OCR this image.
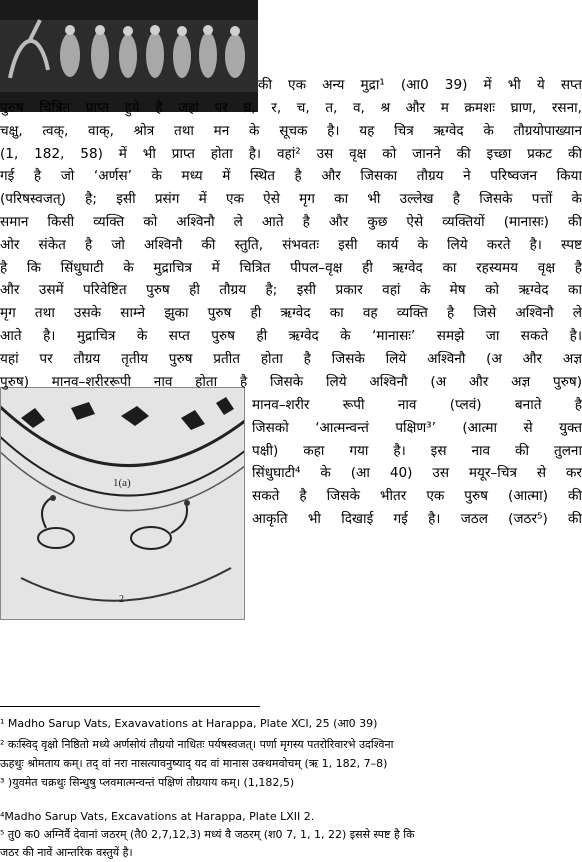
1(a)
2
की एक अन्य मुद्रा¹ (आ0 39) में भी ये सप्त
पुरुष चित्रित प्राप्त हुये है जहां पर घ्र, र, च, त, व, श्र और म क्रमशः घ्राण, रसना,
चक्षु, त्वक्, वाक्, श्रोत्र तथा मन के सूचक है। यह चित्र ऋग्वेद के तौग्रयोपाख्यान
(1, 182, 58) में भी प्राप्त होता है। वहां² उस वृक्ष को जानने की इच्छा प्रकट की
गई है जो ‘अर्णस’ के मध्य में स्थित है और जिसका तौग्रय ने परिष्वजन किया
(परिषस्वजत्) है; इसी प्रसंग में एक ऐसे मृग का भी उल्लेख है जिसके पत्तों के
समान किसी व्यक्ति को अश्विनौ ले आते है और कुछ ऐसे व्यक्तियों (मानासः) की
ओर संकेत है जो अश्विनौ की स्तुति, संभवतः इसी कार्य के लिये करते है। स्पष्ट
है कि सिंधुघाटी के मुद्राचित्र में चित्रित पीपल–वृक्ष ही ऋग्वेद का रहस्यमय वृक्ष है
और उसमें परिवेष्टित पुरुष ही तौग्रय है; इसी प्रकार वहां के मेष को ऋग्वेद का
मृग तथा उसके साम्ने झुका पुरुष ही ऋग्वेद का वह व्यक्ति है जिसे अश्विनौ ले
आते है। मुद्राचित्र के सप्त पुरुष ही ऋग्वेद के ‘मानासः’ समझे जा सकते है।
यहां पर तौग्रय तृतीय पुरुष प्रतीत होता है जिसके लिये अश्विनौ (अ और अज्ञ
पुरुष) मानव–शरीररूपी नाव होता है जिसके लिये अश्विनौ (अ और अज्ञ पुरुष)
मानव–शरीर रूपी नाव (प्लवं) बनाते है
जिसको ‘आत्मन्वन्तं पक्षिण³’ (आत्मा से युक्त
पक्षी) कहा गया है। इस नाव की तुलना
सिंधुघाटी⁴ के (आ 40) उस मयूर–चित्र से कर
सकते है जिसके भीतर एक पुरुष (आत्मा) की
आकृति भी दिखाई गई है। जठल (जठर⁵) की
¹ Madho Sarup Vats, Exavavations at Harappa, Plate XCI, 25 (आ0 39)
² कःस्विद् वृक्षो निष्ठितो मध्ये अर्णसोयं तौग्रयो नाधितः पर्यषस्वजत्। पर्णा मृगस्य पतरोरिवारभे उदश्विना
ऊहथुः श्रोमताय कम्। तद् वां नरा नासत्यावनुष्याद् यद वां मानास उक्थमवोचम् (ऋ 1, 182, 7–8)
³ )युवमेत चक्रथुः सिन्धुषु प्लवमात्मन्वन्तं पक्षिणं तौग्रयाय कम्। (1,182,5)
⁴Madho Sarup Vats, Excavations at Harappa, Plate LXII 2.
⁵ तु0 क0 अग्निर्वै देवानां जठरम् (तै0 2,7,12,3) मध्यं वै जठरम् (श0 7, 1, 1, 22) इससे स्पष्ट है कि
जठर की नावें आन्तरिक वस्तुयें है।
